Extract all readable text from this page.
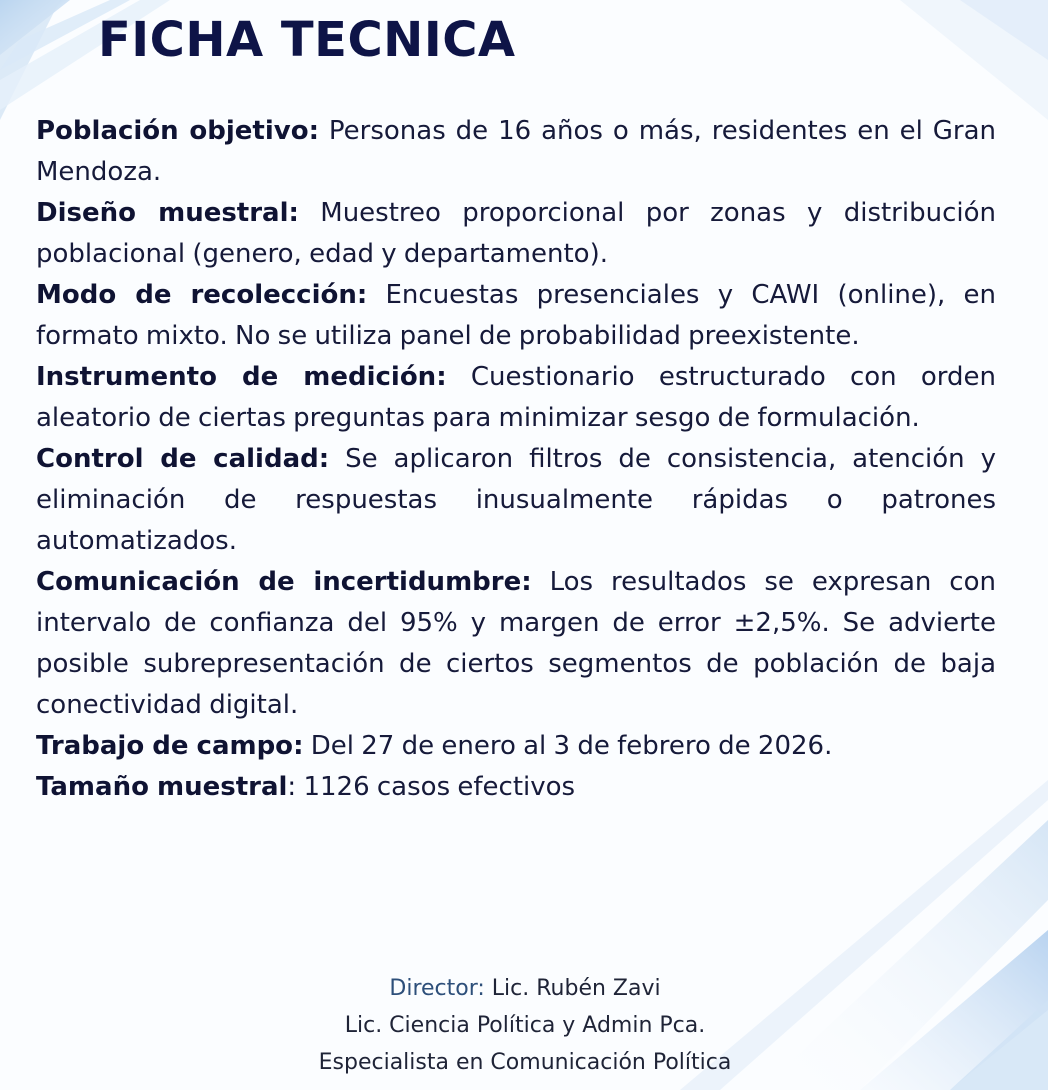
FICHA TECNICA

Población objetivo: Personas de 16 años o más, residentes en el Gran Mendoza.

Diseño muestral: Muestreo proporcional por zonas y distribución poblacional (genero, edad y departamento).

Modo de recolección: Encuestas presenciales y CAWI (online), en formato mixto. No se utiliza panel de probabilidad preexistente.

Instrumento de medición: Cuestionario estructurado con orden aleatorio de ciertas preguntas para minimizar sesgo de formulación.

Control de calidad: Se aplicaron filtros de consistencia, atención y eliminación de respuestas inusualmente rápidas o patrones automatizados.

Comunicación de incertidumbre: Los resultados se expresan con intervalo de confianza del 95% y margen de error ±2,5%. Se advierte posible subrepresentación de ciertos segmentos de población de baja conectividad digital.

Trabajo de campo: Del 27 de enero al 3 de febrero de 2026.

Tamaño muestral: 1126 casos efectivos

Director: Lic. Rubén Zavi
Lic. Ciencia Política y Admin Pca.
Especialista en Comunicación Política
